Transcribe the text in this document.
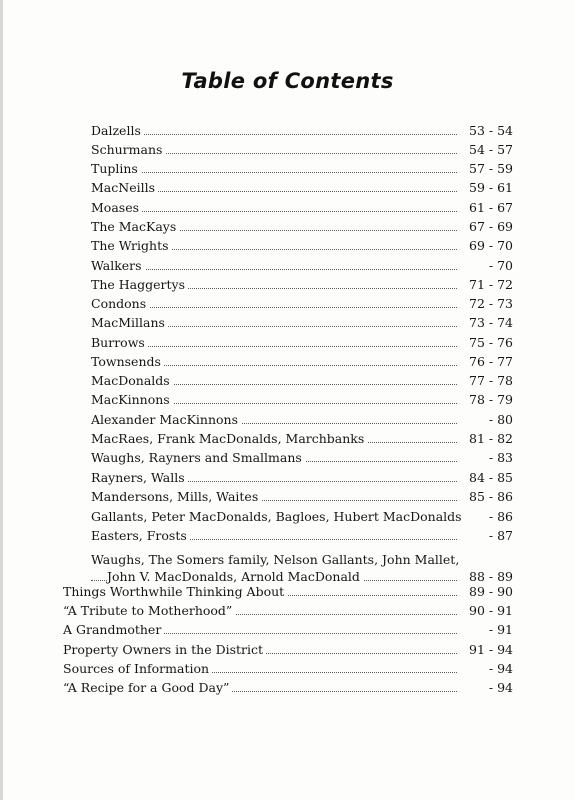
Table of Contents
Dalzells	53 - 54
Schurmans	54 - 57
Tuplins	57 - 59
MacNeills	59 - 61
Moases	61 - 67
The MacKays	67 - 69
The Wrights	69 - 70
Walkers	- 70
The Haggertys	71 - 72
Condons	72 - 73
MacMillans	73 - 74
Burrows	75 - 76
Townsends	76 - 77
MacDonalds	77 - 78
MacKinnons	78 - 79
Alexander MacKinnons	- 80
MacRaes, Frank MacDonalds, Marchbanks	81 - 82
Waughs, Rayners and Smallmans	- 83
Rayners, Walls	84 - 85
Mandersons, Mills, Waites	85 - 86
Gallants, Peter MacDonalds, Bagloes, Hubert MacDonalds - 86
Easters, Frosts	- 87
Waughs, The Somers family, Nelson Gallants, John Mallet,
John V. MacDonalds, Arnold MacDonald	88 - 89
Things Worthwhile Thinking About	89 - 90
“A Tribute to Motherhood”	90 - 91
A Grandmother	- 91
Property Owners in the District	91 - 94
Sources of Information	- 94
“A Recipe for a Good Day”	- 94
